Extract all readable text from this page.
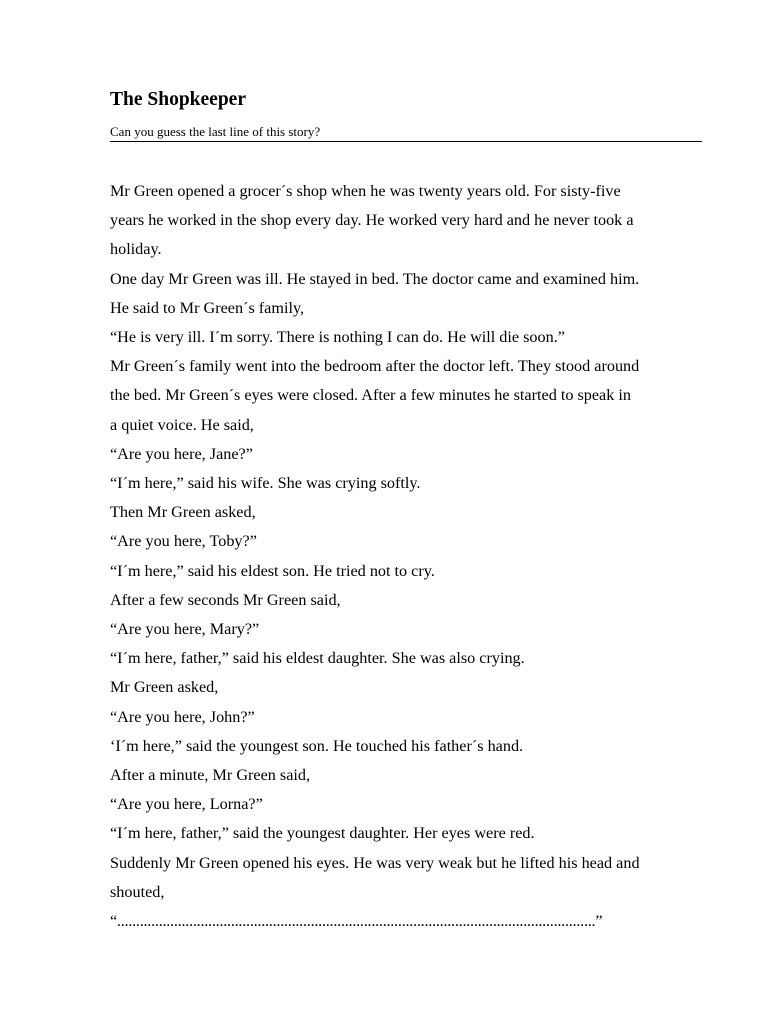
The Shopkeeper
Can you guess the last line of this story?

Mr Green opened a grocer´s shop when he was twenty years old. For sisty-five

years he worked in the shop every day. He worked very hard and he never took a

holiday.

One day Mr Green was ill. He stayed in bed. The doctor came and examined him.

He said to Mr Green´s family,

“He is very ill. I´m sorry. There is nothing I can do. He will die soon.”

Mr Green´s family went into the bedroom after the doctor left. They stood around

the bed. Mr Green´s eyes were closed. After a few minutes he started to speak in

a quiet voice. He said,

“Are you here, Jane?”

“I´m here,” said his wife. She was crying softly.

Then Mr Green asked,

“Are you here, Toby?”

“I´m here,” said his eldest son. He tried not to cry.

After a few seconds Mr Green said,

“Are you here, Mary?”

“I´m here, father,” said his eldest daughter. She was also crying.

Mr Green asked,

“Are you here, John?”

‘I´m here,” said the youngest son. He touched his father´s hand.

After a minute, Mr Green said,

“Are you here, Lorna?”

“I´m here, father,” said the youngest daughter. Her eyes were red.

Suddenly Mr Green opened his eyes. He was very weak but he lifted his head and

shouted,

“..............................................................................................................................”
